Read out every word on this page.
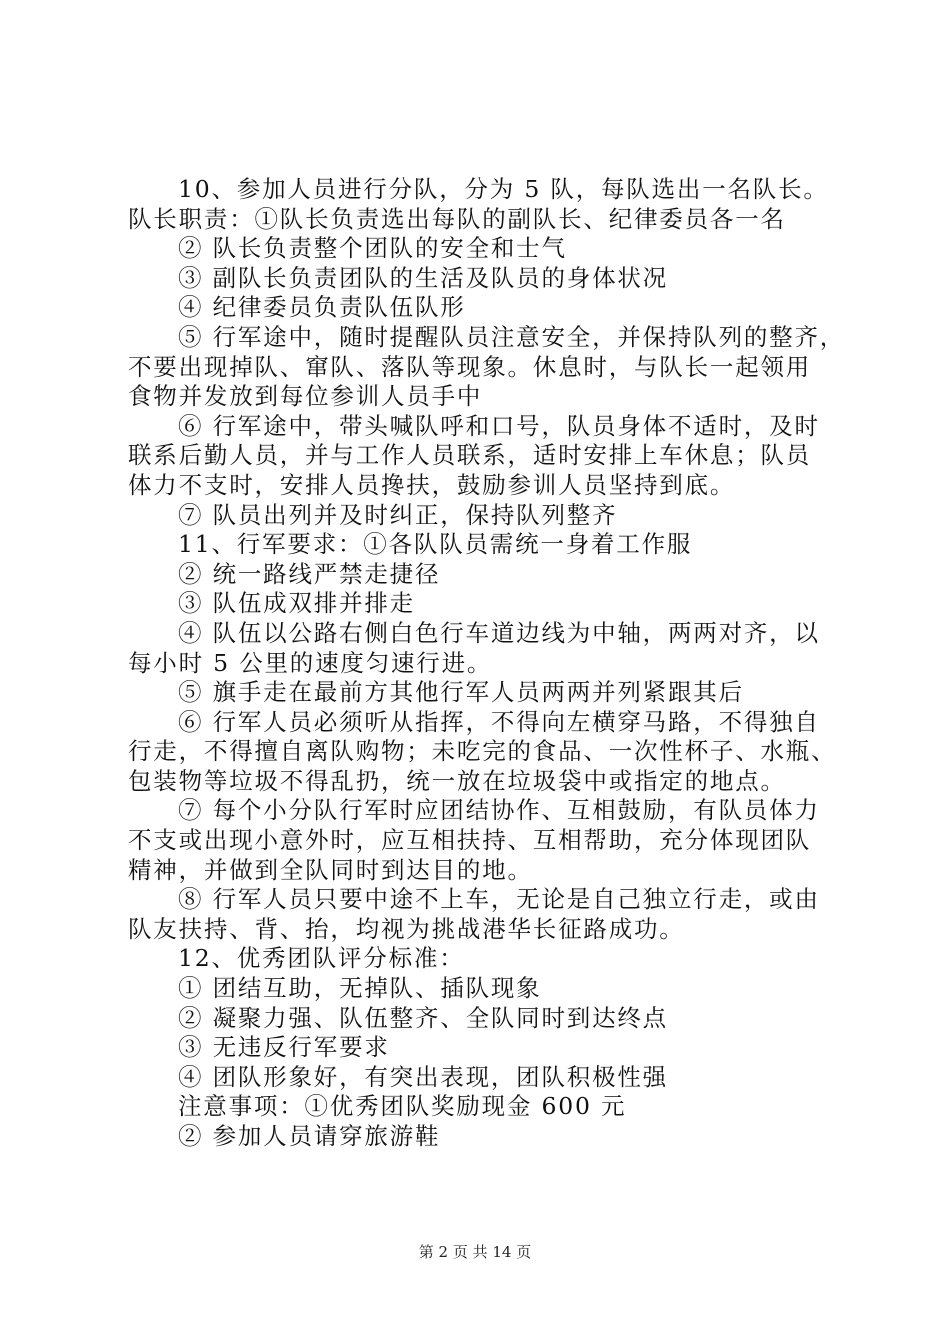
10、参加人员进行分队，分为 5 队，每队选出一名队长。
队长职责：①队长负责选出每队的副队长、纪律委员各一名
② 队长负责整个团队的安全和士气
③ 副队长负责团队的生活及队员的身体状况
④ 纪律委员负责队伍队形
⑤ 行军途中，随时提醒队员注意安全，并保持队列的整齐，
不要出现掉队、窜队、落队等现象。休息时，与队长一起领用
食物并发放到每位参训人员手中
⑥ 行军途中，带头喊队呼和口号，队员身体不适时，及时
联系后勤人员，并与工作人员联系，适时安排上车休息；队员
体力不支时，安排人员搀扶，鼓励参训人员坚持到底。
⑦ 队员出列并及时纠正，保持队列整齐
11、行军要求：①各队队员需统一身着工作服
② 统一路线严禁走捷径
③ 队伍成双排并排走
④ 队伍以公路右侧白色行车道边线为中轴，两两对齐，以
每小时 5 公里的速度匀速行进。
⑤ 旗手走在最前方其他行军人员两两并列紧跟其后
⑥ 行军人员必须听从指挥，不得向左横穿马路，不得独自
行走，不得擅自离队购物；未吃完的食品、一次性杯子、水瓶、
包装物等垃圾不得乱扔，统一放在垃圾袋中或指定的地点。
⑦ 每个小分队行军时应团结协作、互相鼓励，有队员体力
不支或出现小意外时，应互相扶持、互相帮助，充分体现团队
精神，并做到全队同时到达目的地。
⑧ 行军人员只要中途不上车，无论是自己独立行走，或由
队友扶持、背、抬，均视为挑战港华长征路成功。
12、优秀团队评分标准：
① 团结互助，无掉队、插队现象
② 凝聚力强、队伍整齐、全队同时到达终点
③ 无违反行军要求
④ 团队形象好，有突出表现，团队积极性强
注意事项：①优秀团队奖励现金 600 元
② 参加人员请穿旅游鞋
第 2 页 共 14 页
